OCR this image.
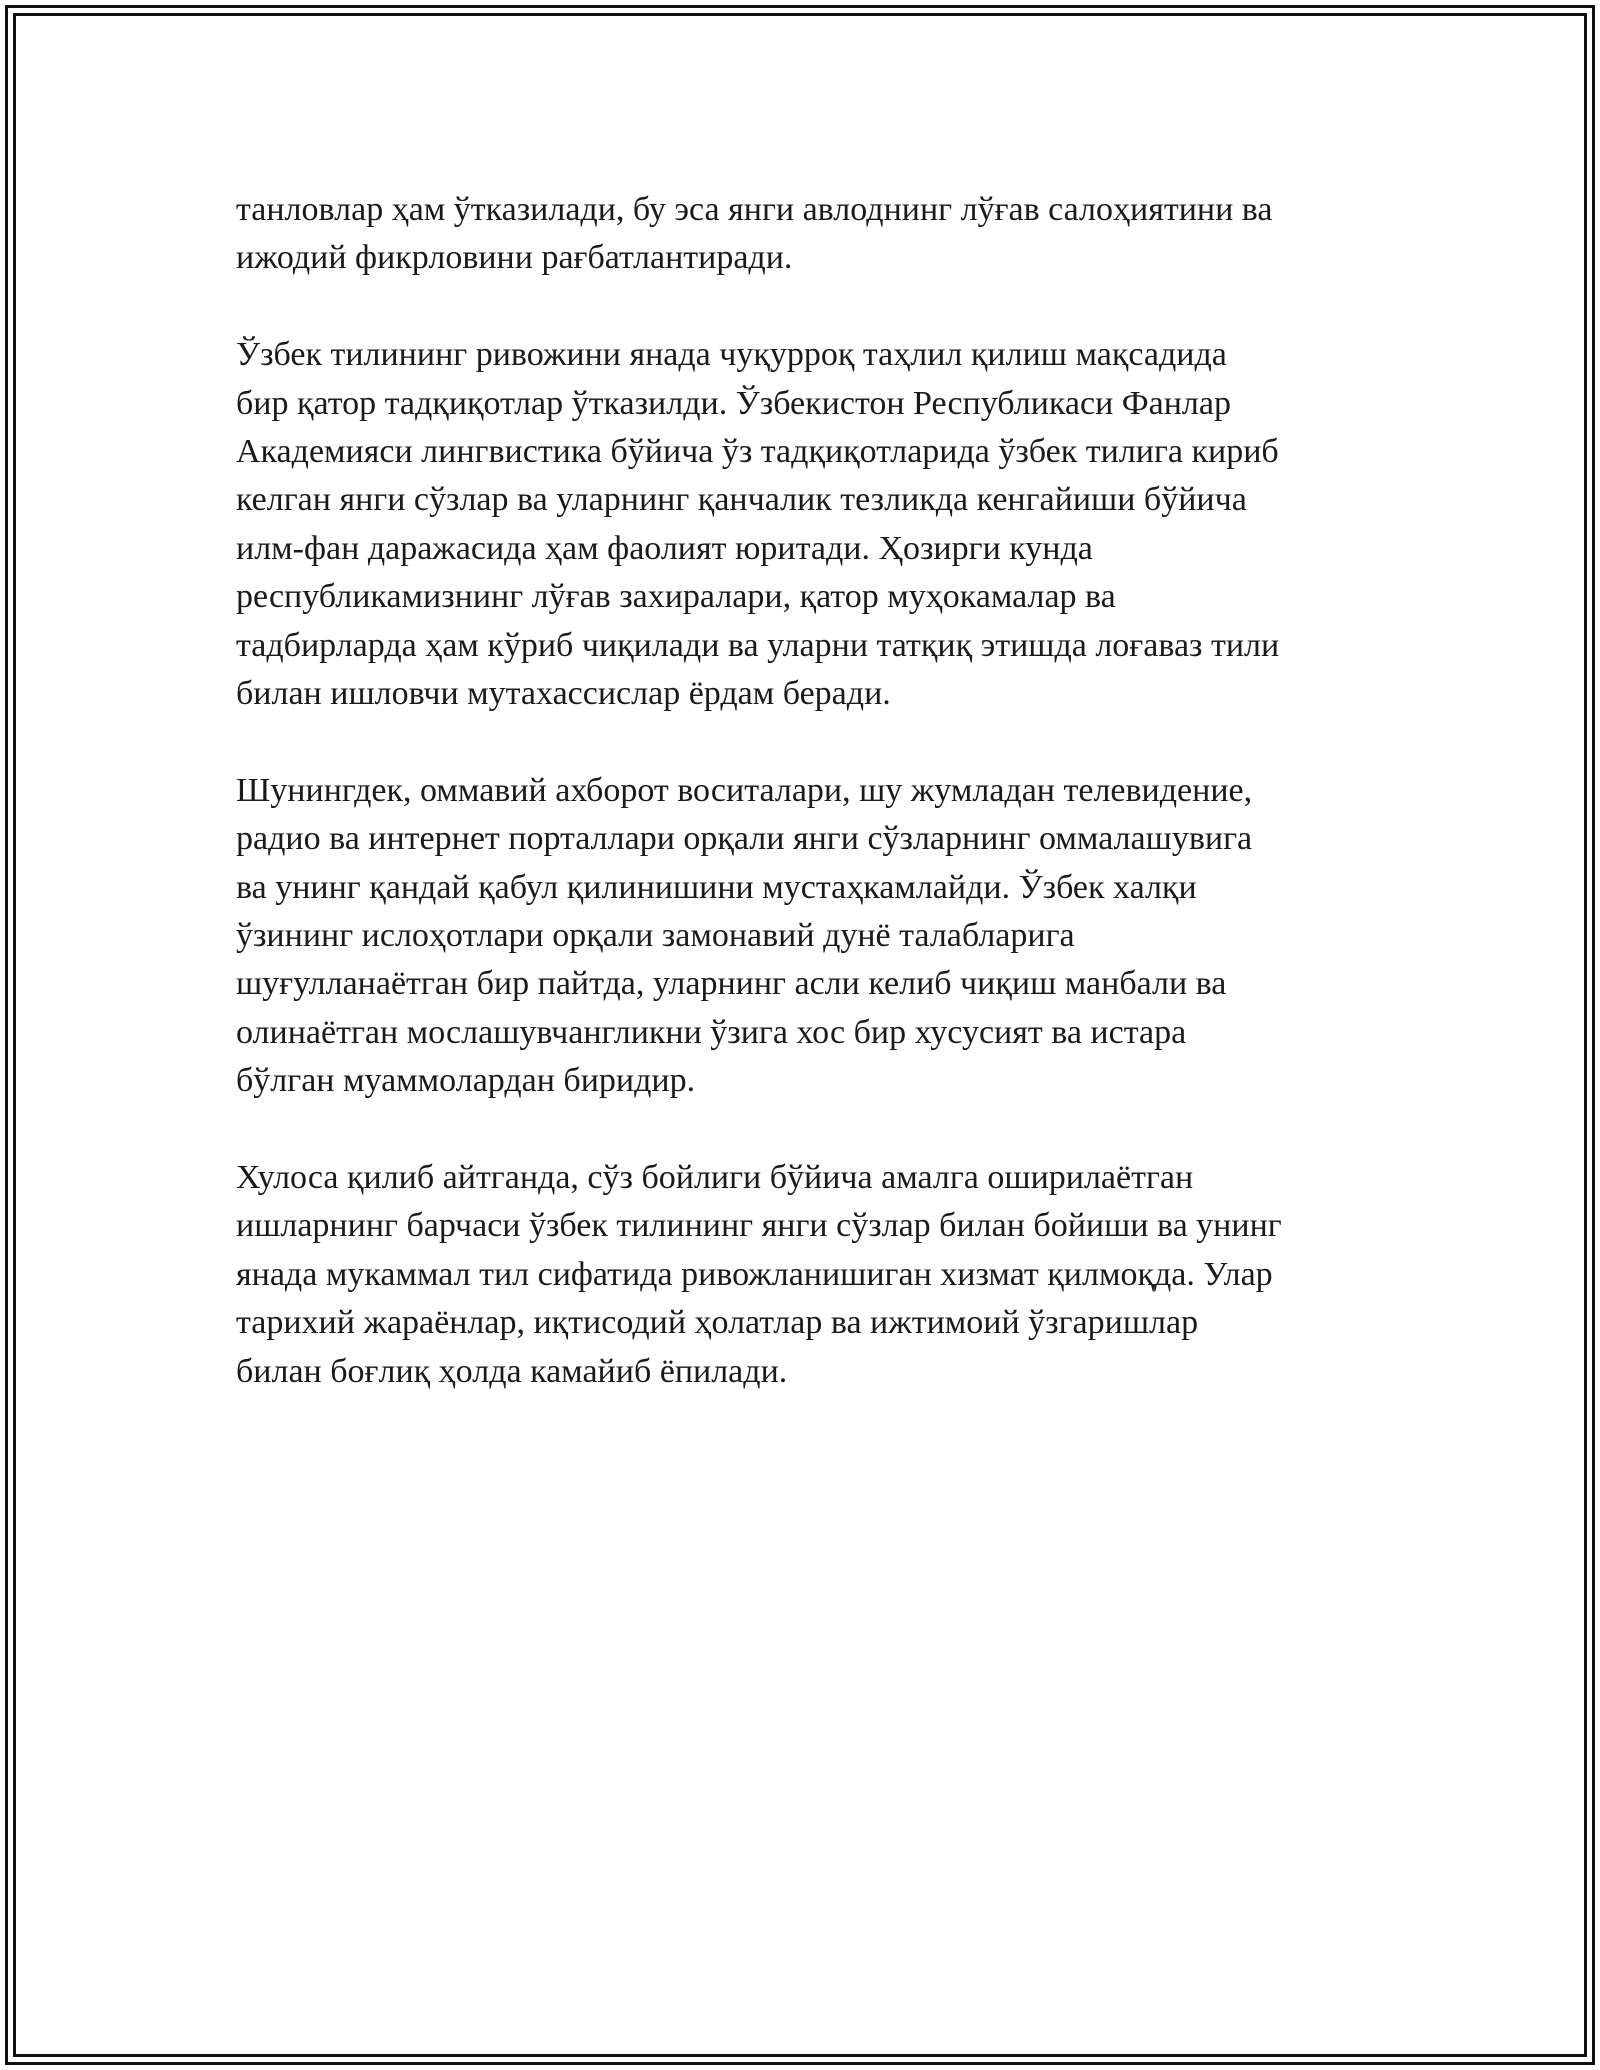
танловлар ҳам ўтказилади, бу эса янги авлоднинг лўғав салоҳиятини ва
ижодий фикрловини рағбатлантиради.

Ўзбек тилининг ривожини янада чуқурроқ таҳлил қилиш мақсадида
бир қатор тадқиқотлар ўтказилди. Ўзбекистон Республикаси Фанлар
Академияси лингвистика бўйича ўз тадқиқотларида ўзбек тилига кириб
келган янги сўзлар ва уларнинг қанчалик тезликда кенгайиши бўйича
илм-фан даражасида ҳам фаолият юритади. Ҳозирги кунда
республикамизнинг лўғав захиралари, қатор муҳокамалар ва
тадбирларда ҳам кўриб чиқилади ва уларни татқиқ этишда лоғаваз тили
билан ишловчи мутахассислар ёрдам беради.

Шунингдек, оммавий ахборот воситалари, шу жумладан телевидение,
радио ва интернет порталлари орқали янги сўзларнинг оммалашувига
ва унинг қандай қабул қилинишини мустаҳкамлайди. Ўзбек халқи
ўзининг ислоҳотлари орқали замонавий дунё талабларига
шуғулланаётган бир пайтда, уларнинг асли келиб чиқиш манбали ва
олинаётган мослашувчангликни ўзига хос бир хусусият ва истара
бўлган муаммолардан биридир.

Хулоса қилиб айтганда, сўз бойлиги бўйича амалга оширилаётган
ишларнинг барчаси ўзбек тилининг янги сўзлар билан бойиши ва унинг
янада мукаммал тил сифатида ривожланишиган хизмат қилмоқда. Улар
тарихий жараёнлар, иқтисодий ҳолатлар ва ижтимоий ўзгаришлар
билан боғлиқ ҳолда камайиб ёпилади.
